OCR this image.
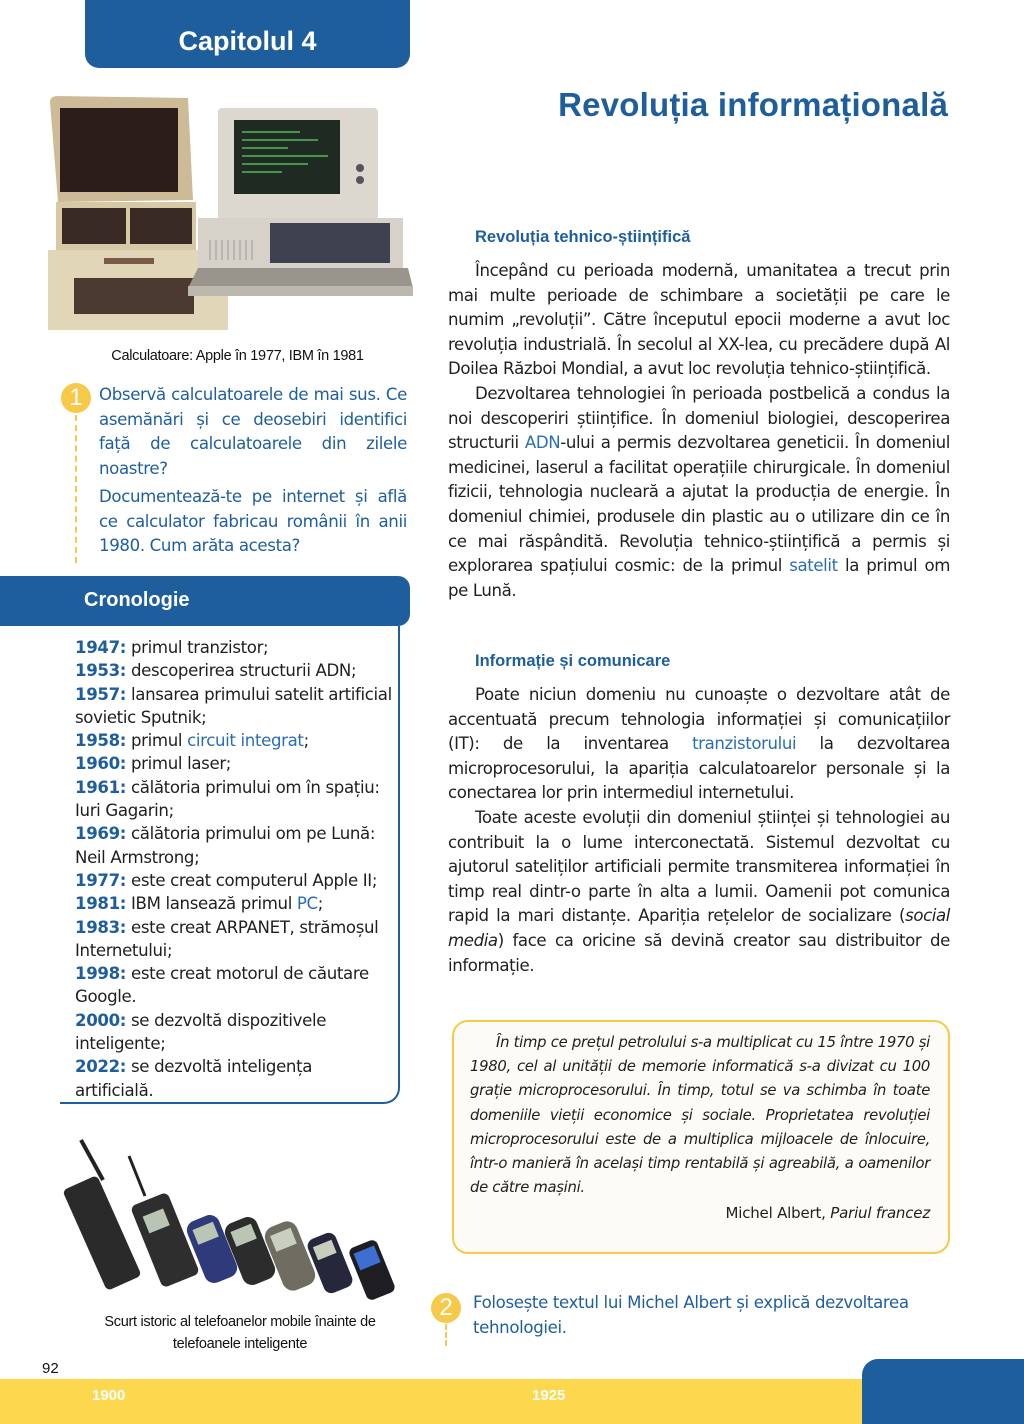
Capitolul 4
Revoluția informațională
Calculatoare: Apple în 1977, IBM în 1981
1 Observă calculatoarele de mai sus. Ce asemănări și ce deosebiri identifici față de calculatoarele din zilele noastre?

Documentează-te pe internet și află ce calculator fabricau românii în anii 1980. Cum arăta acesta?

Cronologie
1947: primul tranzistor;
1953: descoperirea structurii ADN;
1957: lansarea primului satelit artificial sovietic Sputnik;
1958: primul circuit integrat;
1960: primul laser;
1961: călătoria primului om în spațiu: Iuri Gagarin;
1969: călătoria primului om pe Lună: Neil Armstrong;
1977: este creat computerul Apple II;
1981: IBM lansează primul PC;
1983: este creat ARPANET, strămoșul Internetului;
1998: este creat motorul de căutare Google.
2000: se dezvoltă dispozitivele inteligente;
2022: se dezvoltă inteligența artificială.
Scurt istoric al telefoanelor mobile înainte de telefoanele inteligente
Revoluția tehnico-științifică

Începând cu perioada modernă, umanitatea a trecut prin mai multe perioade de schimbare a societății pe care le numim „revoluții”. Către începutul epocii moderne a avut loc revoluția industrială. În secolul al XX-lea, cu precădere după Al Doilea Război Mondial, a avut loc revoluția tehnico-științifică.

Dezvoltarea tehnologiei în perioada postbelică a condus la noi descoperiri științifice. În domeniul biologiei, descoperirea structurii ADN-ului a permis dezvoltarea geneticii. În domeniul medicinei, laserul a facilitat operațiile chirurgicale. În domeniul fizicii, tehnologia nucleară a ajutat la producția de energie. În domeniul chimiei, produsele din plastic au o utilizare din ce în ce mai răspândită. Revoluția tehnico-științifică a permis și explorarea spațiului cosmic: de la primul satelit la primul om pe Lună.

Informație și comunicare

Poate niciun domeniu nu cunoaște o dezvoltare atât de accentuată precum tehnologia informației și comunicațiilor (IT): de la inventarea tranzistorului la dezvoltarea microprocesorului, la apariția calculatoarelor personale și la conectarea lor prin intermediul internetului.

Toate aceste evoluții din domeniul științei și tehnologiei au contribuit la o lume interconectată. Sistemul dezvoltat cu ajutorul sateliților artificiali permite transmiterea informației în timp real dintr-o parte în alta a lumii. Oamenii pot comunica rapid la mari distanțe. Apariția rețelelor de socializare (social media) face ca oricine să devină creator sau distribuitor de informație.

În timp ce prețul petrolului s-a multiplicat cu 15 între 1970 și 1980, cel al unității de memorie informatică s-a divizat cu 100 grație microprocesorului. În timp, totul se va schimba în toate domeniile vieții economice și sociale. Proprietatea revoluției microprocesorului este de a multiplica mijloacele de înlocuire, într-o manieră în același timp rentabilă și agreabilă, a oamenilor de către mașini.

Michel Albert, Pariul francez

2	Folosește textul lui Michel Albert și explică dezvoltarea tehnologiei.

92
1900	1925
